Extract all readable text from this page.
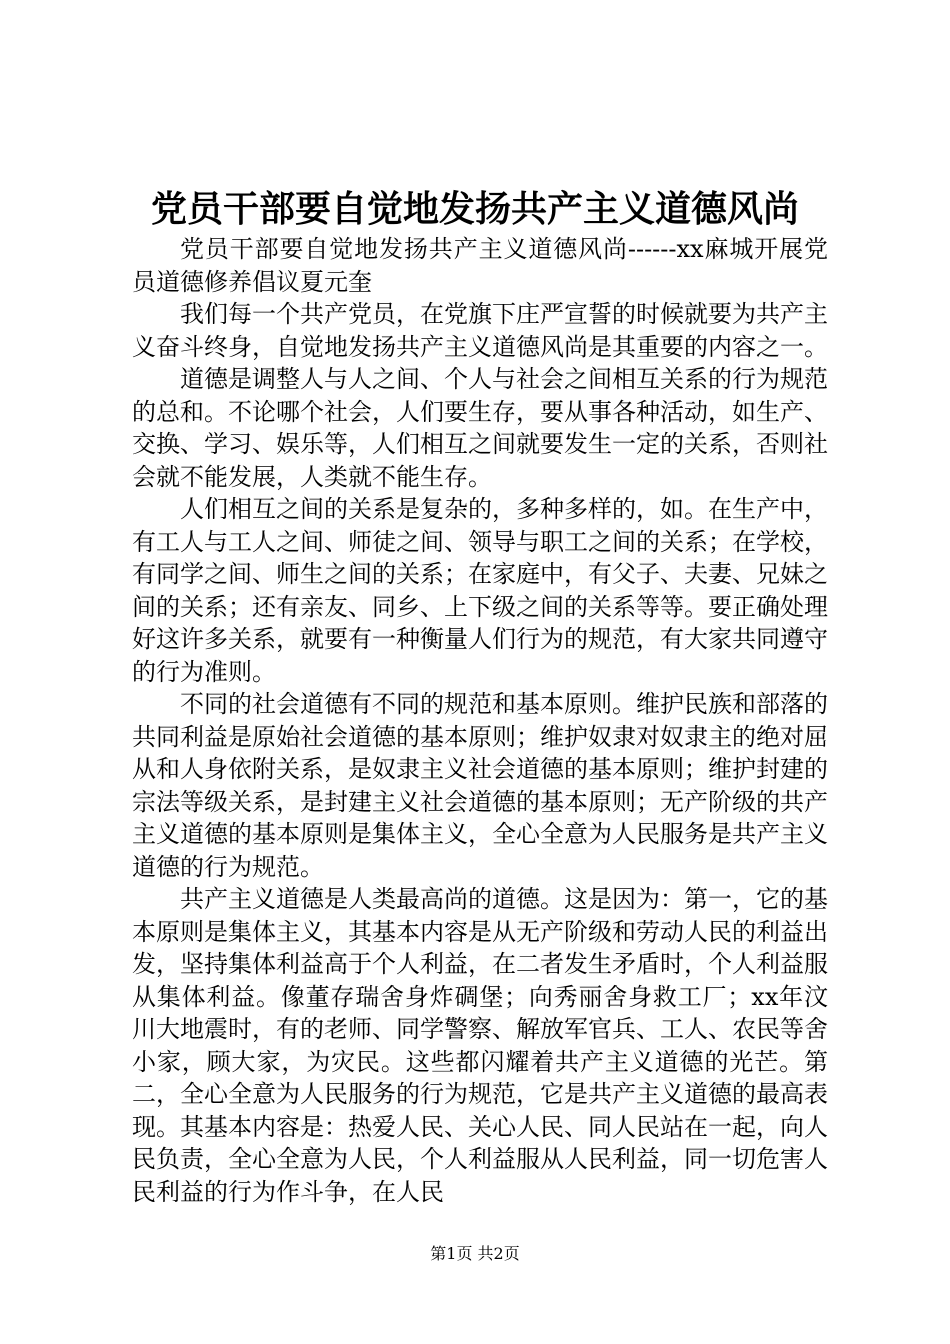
党员干部要自觉地发扬共产主义道德风尚

党员干部要自觉地发扬共产主义道德风尚------xx麻城开展党员道德修养倡议夏元奎

我们每一个共产党员，在党旗下庄严宣誓的时候就要为共产主义奋斗终身，自觉地发扬共产主义道德风尚是其重要的内容之一。

道德是调整人与人之间、个人与社会之间相互关系的行为规范的总和。不论哪个社会，人们要生存，要从事各种活动，如生产、交换、学习、娱乐等，人们相互之间就要发生一定的关系，否则社会就不能发展，人类就不能生存。

人们相互之间的关系是复杂的，多种多样的，如。在生产中，有工人与工人之间、师徒之间、领导与职工之间的关系；在学校，有同学之间、师生之间的关系；在家庭中，有父子、夫妻、兄妹之间的关系；还有亲友、同乡、上下级之间的关系等等。要正确处理好这许多关系，就要有一种衡量人们行为的规范，有大家共同遵守的行为准则。

不同的社会道德有不同的规范和基本原则。维护民族和部落的共同利益是原始社会道德的基本原则；维护奴隶对奴隶主的绝对屈从和人身依附关系，是奴隶主义社会道德的基本原则；维护封建的宗法等级关系，是封建主义社会道德的基本原则；无产阶级的共产主义道德的基本原则是集体主义，全心全意为人民服务是共产主义道德的行为规范。

共产主义道德是人类最高尚的道德。这是因为：第一，它的基本原则是集体主义，其基本内容是从无产阶级和劳动人民的利益出发，坚持集体利益高于个人利益，在二者发生矛盾时，个人利益服从集体利益。像董存瑞舍身炸碉堡；向秀丽舍身救工厂；xx年汶川大地震时，有的老师、同学警察、解放军官兵、工人、农民等舍小家，顾大家，为灾民。这些都闪耀着共产主义道德的光芒。第二，全心全意为人民服务的行为规范，它是共产主义道德的最高表现。其基本内容是：热爱人民、关心人民、同人民站在一起，向人民负责，全心全意为人民，个人利益服从人民利益，同一切危害人民利益的行为作斗争，在人民

第1页 共2页
